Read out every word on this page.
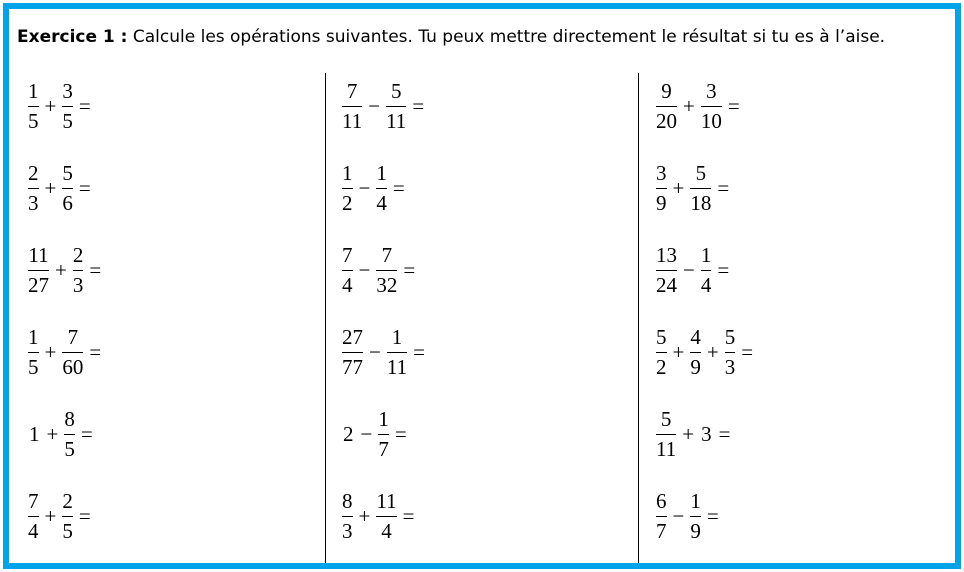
Exercice 1 : Calcule les opérations suivantes. Tu peux mettre directement le résultat si tu es à l’aise.
$\frac{1}{5} + \frac{3}{5}$ =
$\frac{2}{3} + \frac{5}{6}$ =
$\frac{11}{27} + \frac{2}{3}$ =
$\frac{1}{5} + \frac{7}{60}$ =
$1 + \frac{8}{5}$ =
$\frac{7}{4} + \frac{2}{5}$ =
$\frac{7}{11} - \frac{5}{11}$ =
$\frac{1}{2} - \frac{1}{4}$ =
$\frac{7}{4} - \frac{7}{32}$ =
$\frac{27}{77} - \frac{1}{11}$ =
$2 - \frac{1}{7}$ =
$\frac{8}{3} + \frac{11}{4}$ =
$\frac{9}{20} + \frac{3}{10}$ =
$\frac{3}{9} + \frac{5}{18}$ =
$\frac{13}{24} - \frac{1}{4}$ =
$\frac{5}{2} + \frac{4}{9} + \frac{5}{3}$ =
$\frac{5}{11} + 3$ =
$\frac{6}{7} - \frac{1}{9}$ =
